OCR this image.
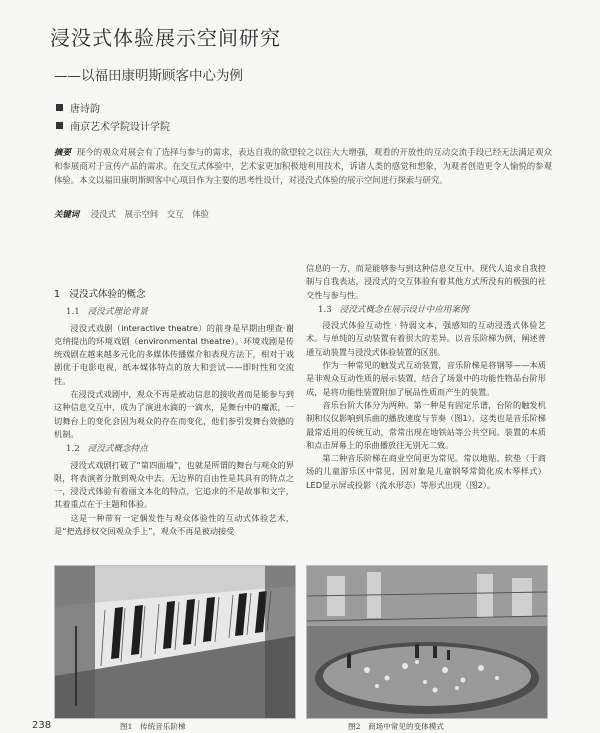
浸没式体验展示空间研究
——以福田康明斯顾客中心为例
唐诗韵
南京艺术学院设计学院
摘要 现今的观众对展会有了选择与参与的需求，表达自我的欲望较之以往大大增强，观看的开放性的互动交流手段已经无法满足观众和参展商对于宣传产品的需求。在交互式体验中，艺术家更加积极地利用技术，诉诸人类的感觉和想象，为观者创造更令人愉悦的参观体验。本文以福田康明斯顾客中心项目作为主要的思考性设计，对浸没式体验的展示空间进行探索与研究。
关键词 浸没式 展示空间 交互 体验

1　浸没式体验的概念

1.1 浸没式理论背景

浸没式戏剧（interactive theatre）的前身是早期由理查·谢克纳提出的环境戏剧（environmental theatre）。环境戏剧是传统戏剧在越来越多元化的多媒体传播媒介和表现方法下，相对于戏剧优于电影电视，纸本媒体特点的放大和尝试——即时性和交流性。

在浸没式戏剧中，观众不再是被动信息的接收者而是能参与到这种信息交互中，成为了演进水滴的一滴水，是舞台中的魔派，一切舞台上的变化会因为观众的存在而变化，他们参引发舞台效德的机制。

1.2 浸没式概念特点

浸没式戏剧打破了“第四面墙”，也就是所谓的舞台与观众的界限，将表演者分散到观众中去。无边界的自由性是其具有的特点之一，浸没式体验有着丽文本化的特点，它追求的不是故事和文字，其着重点在于主题和体验。

这是一种带有一定偶发性与观众体验性的互动式体验艺术，是“把选择权交回观众手上”，观众不再是被动接受

信息的一方，而是能够参与到这种信息交互中。现代人追求自我控制与自我表达，浸没式的交互体验有着其他方式所没有的极强的社交性与参与性。

1.3 浸没式概念在展示设计中应用案例

浸没式体验互动性 · 特弱文本，强感知的互动浸透式体验艺术。与单纯的互动装置有着很大的差异。以音乐阶梯为例，阐述普通互动装置与浸没式体验装置的区别。

作为一种常见的触发式互动装置，音乐阶梯是将钢琴——本质是非观众互动性质的展示装置，结合了场景中的功能性物品台阶形成，是将功能性装置附加了展品性质而产生的装置。

音乐台阶大体分为两种。第一种是有固定乐谱，台阶的触发机制和仪仪影响到乐曲的播放速度与节奏（图1），这类也是音乐阶梯最常适用的传统互动，常常出现在地铁站等公共空间。装置的本质和点击屏幕上的乐曲播放往无别无二致。

第二种音乐阶梯在商业空间更为常见。常以地贴、软垫（于商场的儿童游乐区中常见，因对象是儿童钢琴常简化成木琴样式）LED显示屏或投影（流水形态）等形式出现（图2）。

图1　传统音乐阶梯	图2　商场中常见的变体模式
238
